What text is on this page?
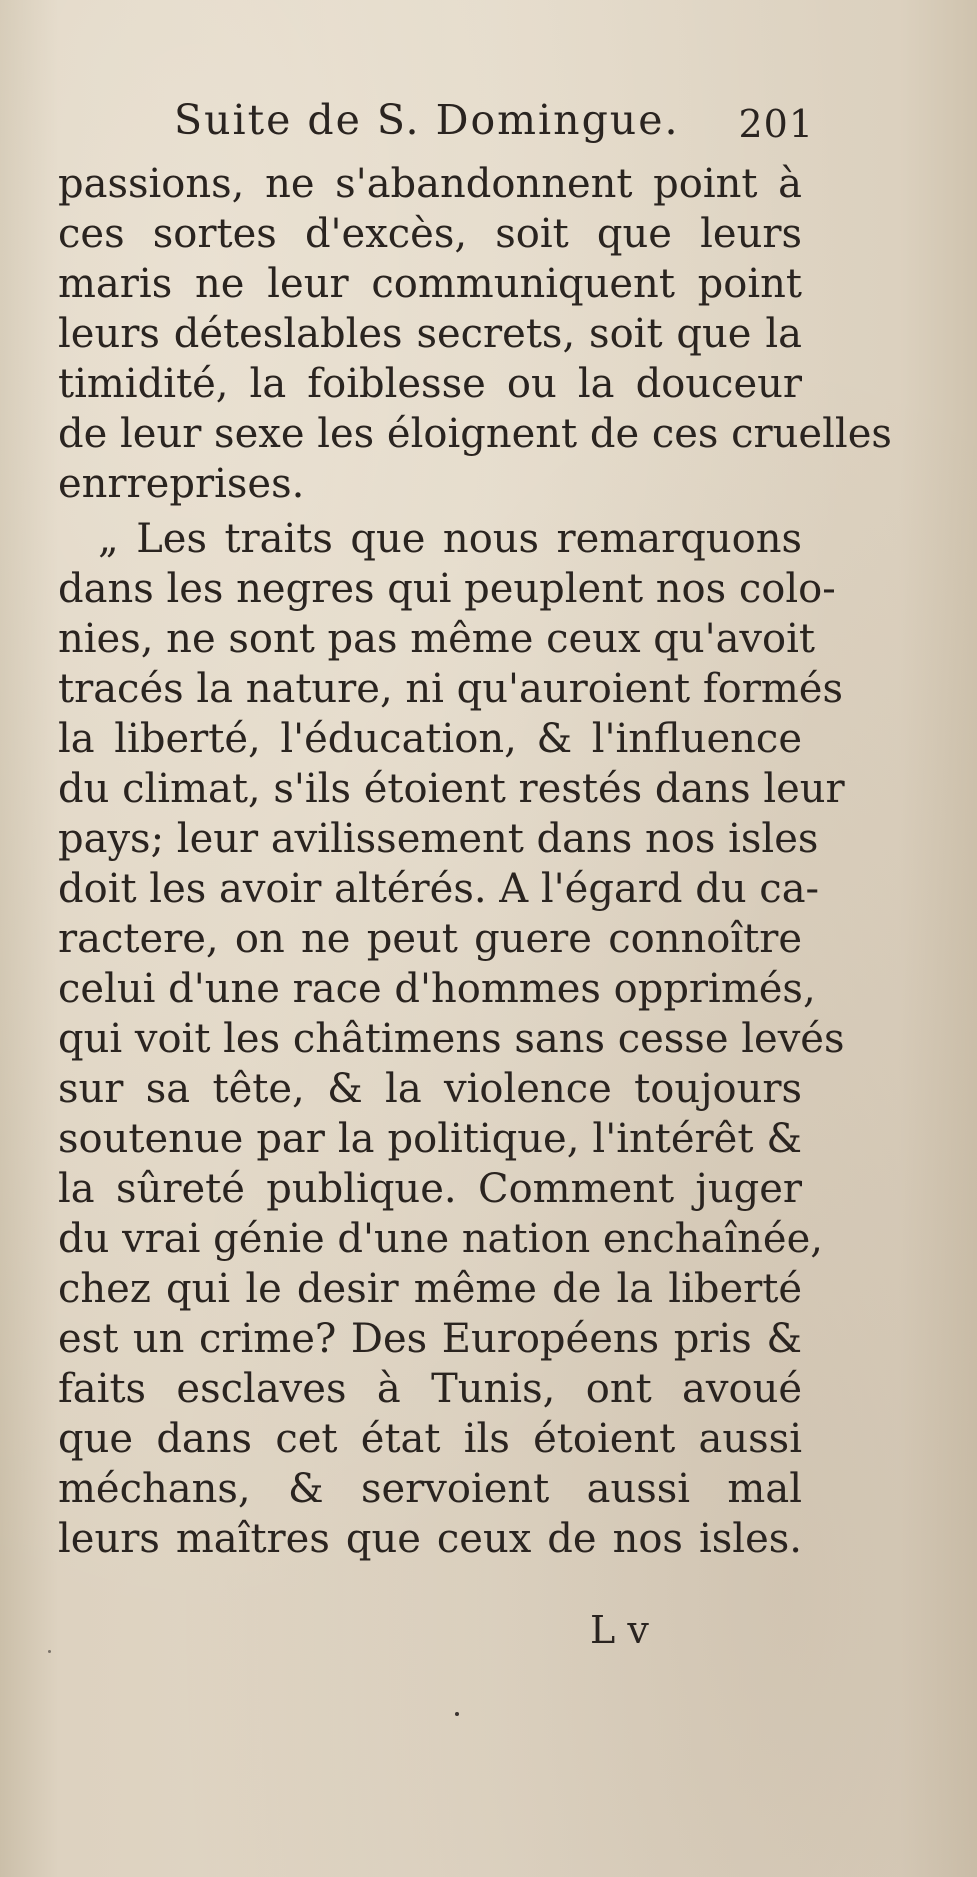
Suite de S. Domingue. 201
passions, ne s'abandonnent point à
ces sortes d'excès, soit que leurs
maris ne leur communiquent point
leurs déteslables secrets, soit que la
timidité, la foiblesse ou la douceur
de leur sexe les éloignent de ces cruelles
enrreprises.
„ Les traits que nous remarquons
dans les negres qui peuplent nos colo-
nies, ne sont pas même ceux qu'avoit
tracés la nature, ni qu'auroient formés
la liberté, l'éducation, & l'influence
du climat, s'ils étoient restés dans leur
pays; leur avilissement dans nos isles
doit les avoir altérés. A l'égard du ca-
ractere, on ne peut guere connoître
celui d'une race d'hommes opprimés,
qui voit les châtimens sans cesse levés
sur sa tête, & la violence toujours
soutenue par la politique, l'intérêt &
la sûreté publique. Comment juger
du vrai génie d'une nation enchaînée,
chez qui le desir même de la liberté
est un crime? Des Européens pris &
faits esclaves à Tunis, ont avoué
que dans cet état ils étoient aussi
méchans, & servoient aussi mal
leurs maîtres que ceux de nos isles.
L v
